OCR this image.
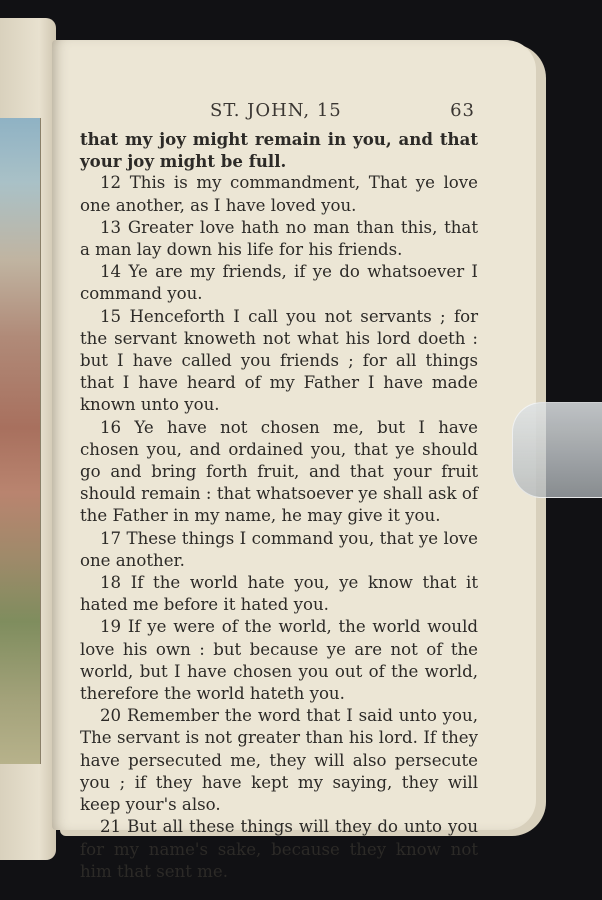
ST. JOHN, 15	63

that my joy might remain in you, and that your joy might be full.

12 This is my commandment, That ye love one another, as I have loved you.

13 Greater love hath no man than this, that a man lay down his life for his friends.

14 Ye are my friends, if ye do whatsoever I command you.

15 Henceforth I call you not servants ; for the servant knoweth not what his lord doeth : but I have called you friends ; for all things that I have heard of my Father I have made known unto you.

16 Ye have not chosen me, but I have chosen you, and ordained you, that ye should go and bring forth fruit, and that your fruit should remain : that whatsoever ye shall ask of the Father in my name, he may give it you.

17 These things I command you, that ye love one another.

18 If the world hate you, ye know that it hated me before it hated you.

19 If ye were of the world, the world would love his own : but because ye are not of the world, but I have chosen you out of the world, therefore the world hateth you.

20 Remember the word that I said unto you, The servant is not greater than his lord. If they have persecuted me, they will also persecute you ; if they have kept my saying, they will keep your's also.

21 But all these things will they do unto you for my name's sake, because they know not him that sent me.
